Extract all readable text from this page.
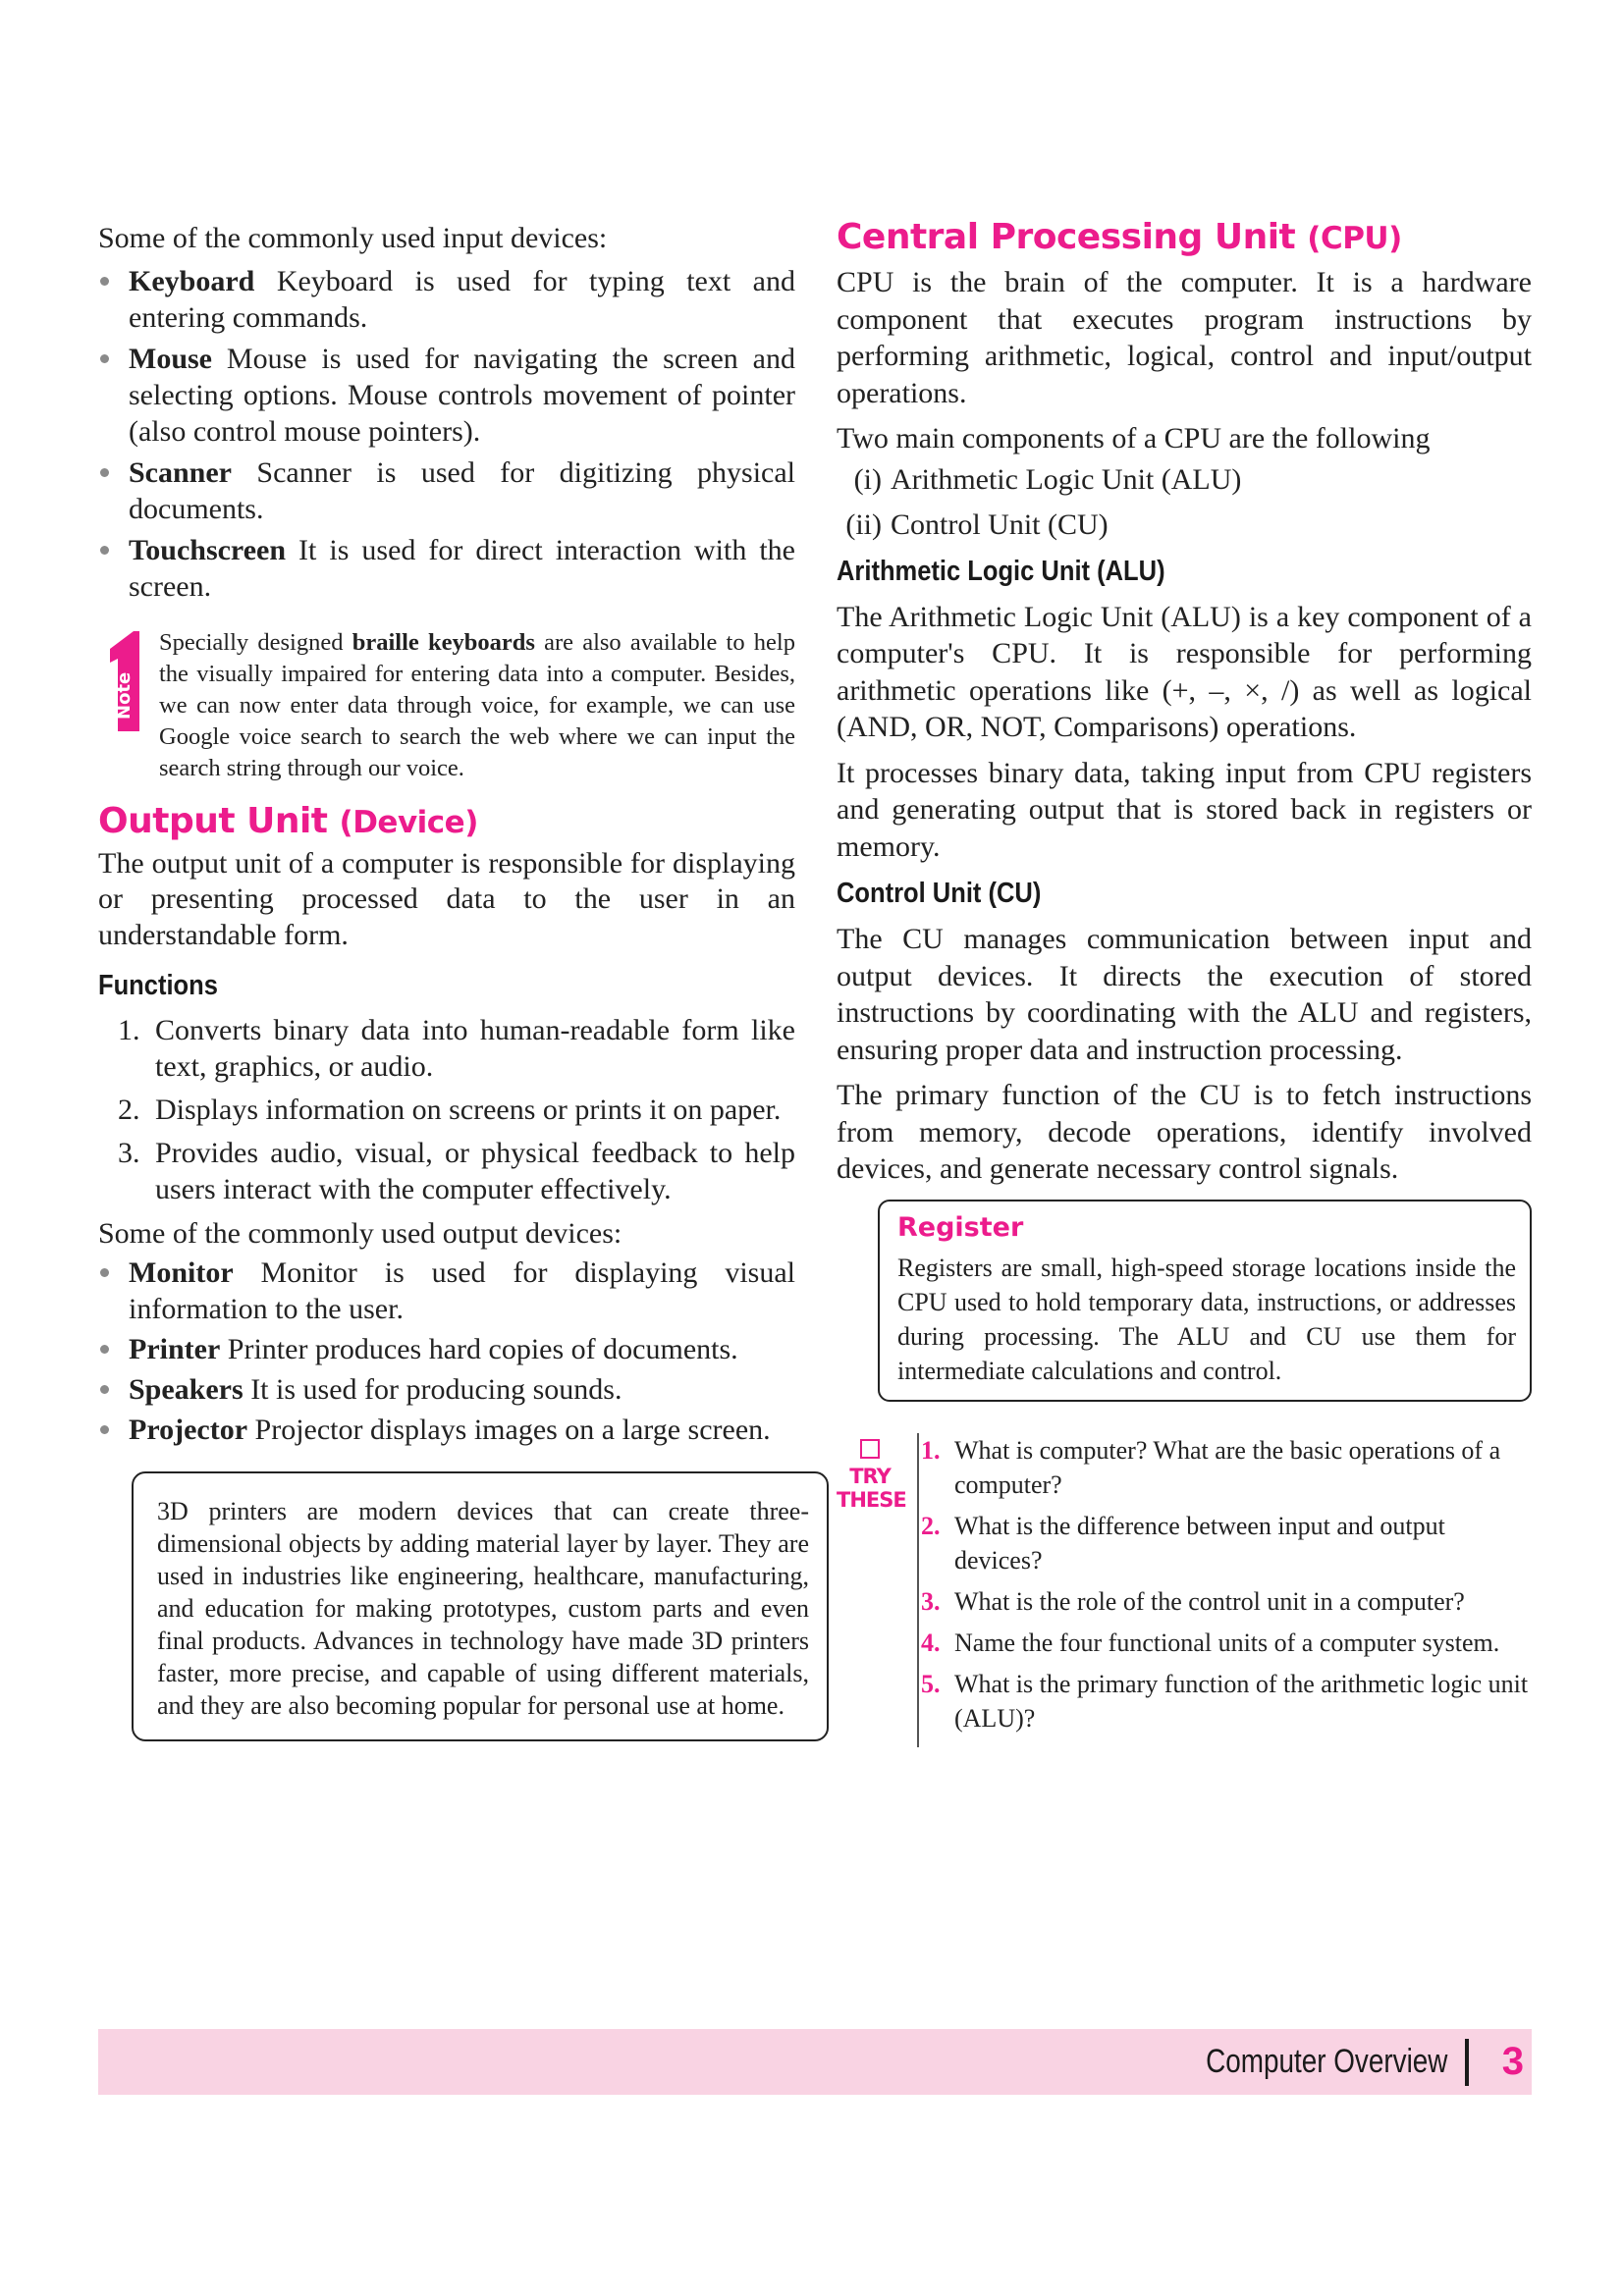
Some of the commonly used input devices:

Keyboard Keyboard is used for typing text and entering commands.
Mouse Mouse is used for navigating the screen and selecting options. Mouse controls movement of pointer (also control mouse pointers).
Scanner Scanner is used for digitizing physical documents.
Touchscreen It is used for direct interaction with the screen.
Note

Specially designed braille keyboards are also available to help the visually impaired for entering data into a computer. Besides, we can now enter data through voice, for example, we can use Google voice search to search the web where we can input the search string through our voice.

Output Unit (Device)

The output unit of a computer is responsible for displaying or presenting processed data to the user in an understandable form.

Functions
1. Converts binary data into human-readable form like text, graphics, or audio.
2. Displays information on screens or prints it on paper.
3. Provides audio, visual, or physical feedback to help users interact with the computer effectively.

Some of the commonly used output devices:

Monitor Monitor is used for displaying visual information to the user.
Printer Printer produces hard copies of documents.
Speakers It is used for producing sounds.
Projector Projector displays images on a large screen.

3D printers are modern devices that can create three-dimensional objects by adding material layer by layer. They are used in industries like engineering, healthcare, manufacturing, and education for making prototypes, custom parts and even final products. Advances in technology have made 3D printers faster, more precise, and capable of using different materials, and they are also becoming popular for personal use at home.

Central Processing Unit (CPU)

CPU is the brain of the computer. It is a hardware component that executes program instructions by performing arithmetic, logical, control and input/output operations.

Two main components of a CPU are the following

(i) Arithmetic Logic Unit (ALU)
(ii) Control Unit (CU)
Arithmetic Logic Unit (ALU)

The Arithmetic Logic Unit (ALU) is a key component of a computer's CPU. It is responsible for performing arithmetic operations like (+, –, ×, /) as well as logical (AND, OR, NOT, Comparisons) operations.

It processes binary data, taking input from CPU registers and generating output that is stored back in registers or memory.

Control Unit (CU)

The CU manages communication between input and output devices. It directs the execution of stored instructions by coordinating with the ALU and registers, ensuring proper data and instruction processing.

The primary function of the CU is to fetch instructions from memory, decode operations, identify involved devices, and generate necessary control signals.

Register

Registers are small, high-speed storage locations inside the CPU used to hold temporary data, instructions, or addresses during processing. The ALU and CU use them for intermediate calculations and control.

TRY
THESE
1. What is computer? What are the basic operations of a computer?
2. What is the difference between input and output devices?
3. What is the role of the control unit in a computer?
4. Name the four functional units of a computer system.
5. What is the primary function of the arithmetic logic unit (ALU)?
Computer Overview 3
